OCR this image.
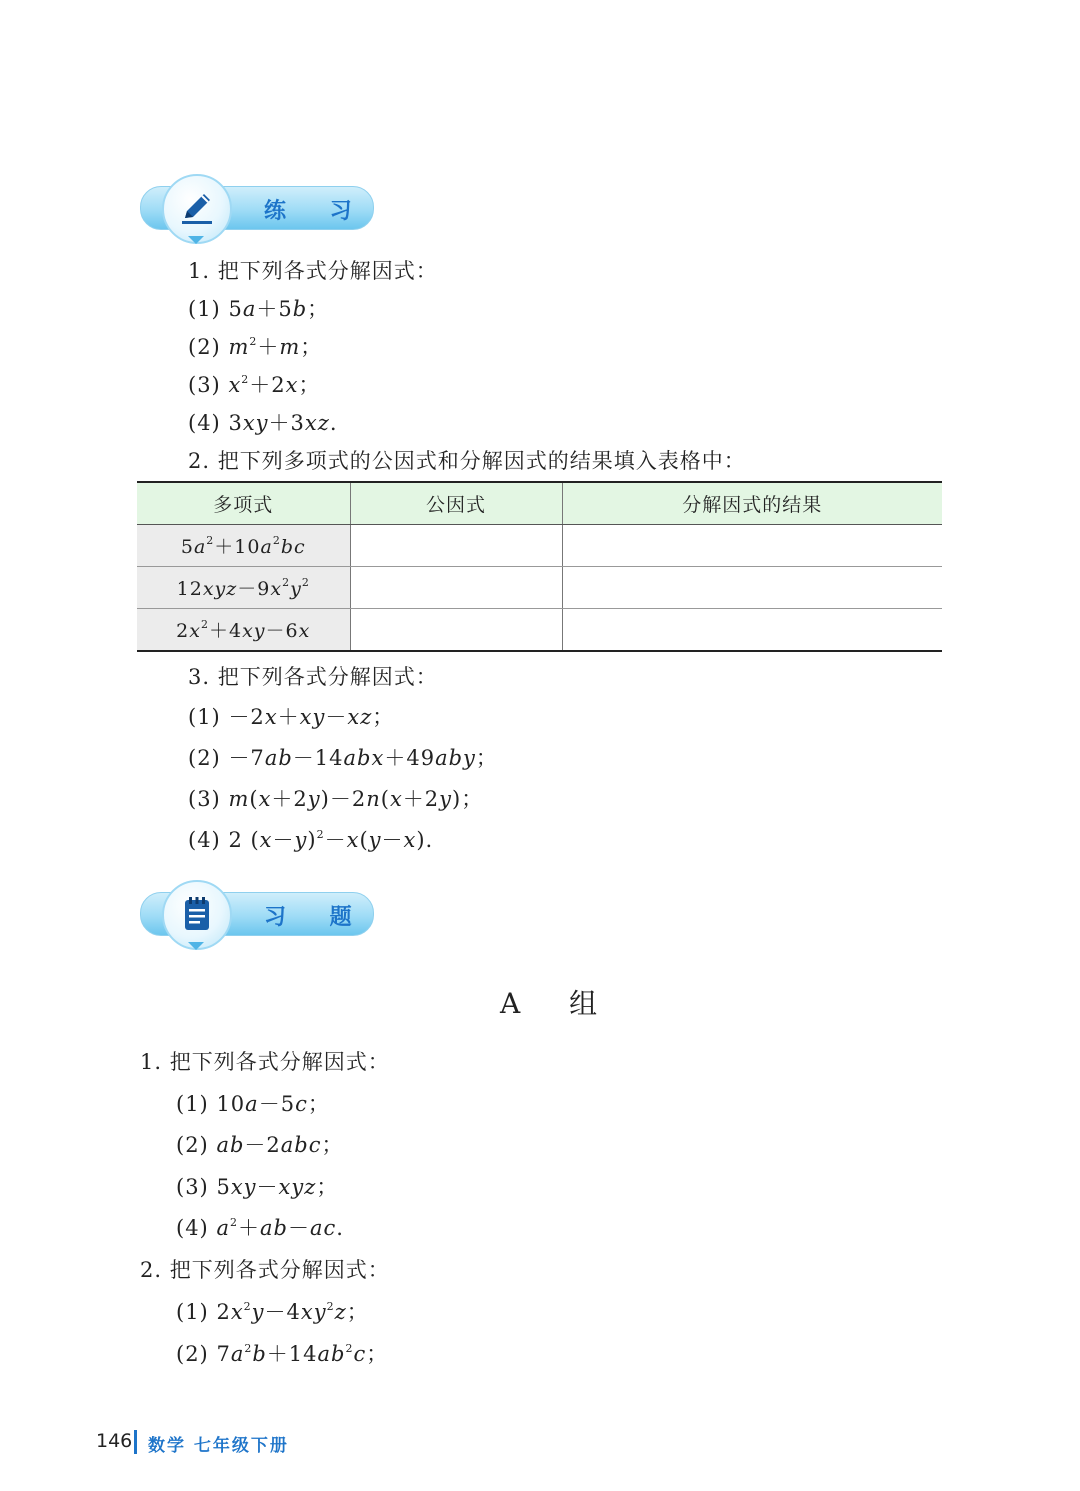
练 习
1. 把下列各式分解因式：
(1) 5a＋5b；
(2) $m^2+m$；
(3) $x^2+2x$；
(4) 3xy＋3xz.
2. 把下列多项式的公因式和分解因式的结果填入表格中：
多项式	公因式	分解因式的结果
$5a^2+10a^2bc$		
$12xyz-9x^2y^2$		
$2x^2+4xy-6x$		
3. 把下列各式分解因式：
(1) －2x＋xy－xz；
(2) －7ab－14abx＋49aby；
(3) m(x＋2y)－2n(x＋2y)；
(4) 2 $(x-y)^2-x(y-x)$.
习 题
A 组
1. 把下列各式分解因式：
(1) 10a－5c；
(2) ab－2abc；
(3) 5xy－xyz；
(4) $a^2+ab-ac$.
2. 把下列各式分解因式：
(1) $2x^2y-4xy^2z$；
(2) $7a^2b+14ab^2c$；
146 数学 七年级下册
